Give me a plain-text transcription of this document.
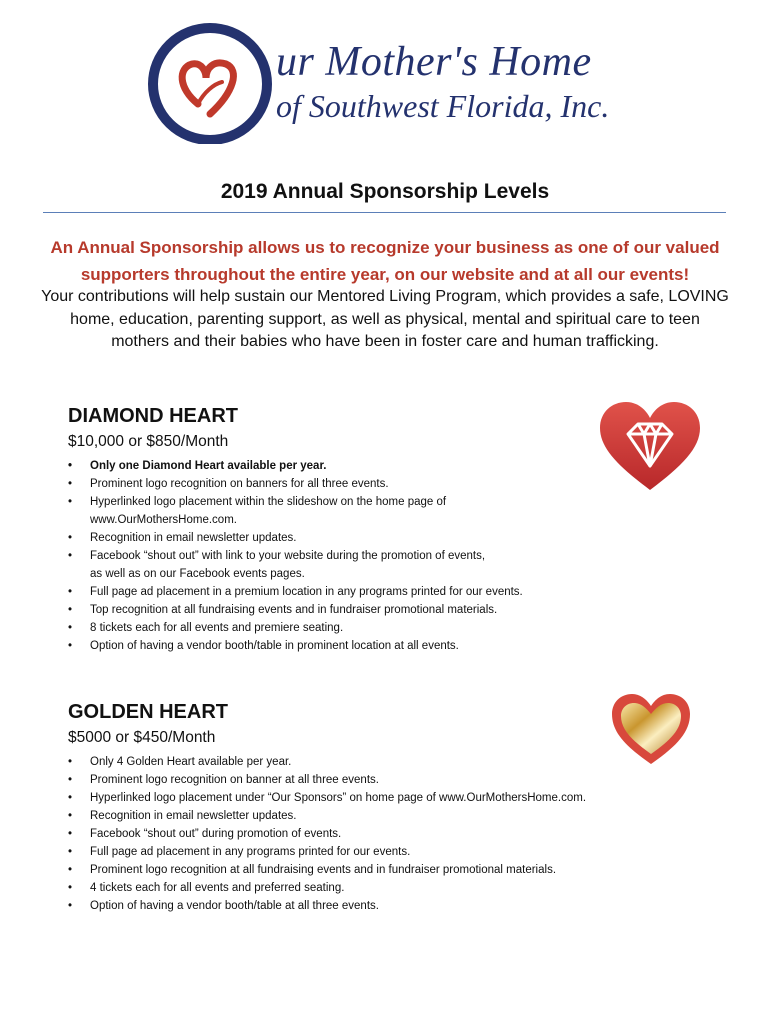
ur Mother's Home
of Southwest Florida, Inc.
2019 Annual Sponsorship Levels
An Annual Sponsorship allows us to recognize your business as one of our valued supporters throughout the entire year, on our website and at all our events!
Your contributions will help sustain our Mentored Living Program, which provides a safe, LOVING home, education, parenting support, as well as physical, mental and spiritual care to teen mothers and their babies who have been in foster care and human trafficking.
DIAMOND HEART
$10,000 or $850/Month
• Only one Diamond Heart available per year.
• Prominent logo recognition on banners for all three events.
• Hyperlinked logo placement within the slideshow on the home page of
www.OurMothersHome.com.
• Recognition in email newsletter updates.
• Facebook “shout out” with link to your website during the promotion of events,
as well as on our Facebook events pages.
• Full page ad placement in a premium location in any programs printed for our events.
• Top recognition at all fundraising events and in fundraiser promotional materials.
• 8 tickets each for all events and premiere seating.
• Option of having a vendor booth/table in prominent location at all events.
GOLDEN HEART
$5000 or $450/Month
• Only 4 Golden Heart available per year.
• Prominent logo recognition on banner at all three events.
• Hyperlinked logo placement under “Our Sponsors” on home page of www.OurMothersHome.com.
• Recognition in email newsletter updates.
• Facebook “shout out” during promotion of events.
• Full page ad placement in any programs printed for our events.
• Prominent logo recognition at all fundraising events and in fundraiser promotional materials.
• 4 tickets each for all events and preferred seating.
• Option of having a vendor booth/table at all three events.
